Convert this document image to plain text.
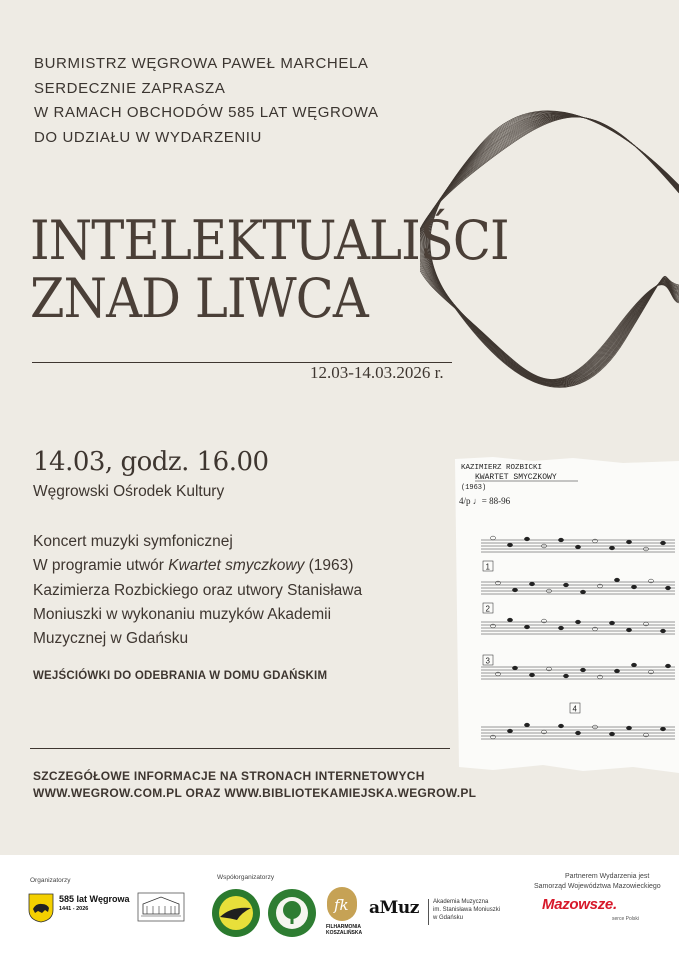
BURMISTRZ WĘGROWA PAWEŁ MARCHELA
SERDECZNIE ZAPRASZA
W RAMACH OBCHODÓW 585 LAT WĘGROWA
DO UDZIAŁU W WYDARZENIU
INTELEKTUALIŚCI
ZNAD LIWCA
12.03-14.03.2026 r.
14.03, godz. 16.00
Węgrowski Ośrodek Kultury
Koncert muzyki symfonicznej
W programie utwór Kwartet smyczkowy (1963)
Kazimierza Rozbickiego oraz utwory Stanisława
Moniuszki w wykonaniu muzyków Akademii
Muzycznej w Gdańsku
WEJŚCIÓWKI DO ODEBRANIA W DOMU GDAŃSKIM
SZCZEGÓŁOWE INFORMACJE NA STRONACH INTERNETOWYCH
WWW.WEGROW.COM.PL ORAZ WWW.BIBLIOTEKAMIEJSKA.WEGROW.PL
KAZIMIERZ ROZBICKI
KWARTET SMYCZKOWY
(1963)
4/p ♩= 88-96
1
2
3
4
Organizatorzy
585 lat Węgrowa
1441 - 2026
Współorganizatorzy
fk
FILHARMONIA
KOSZALIŃSKA
aMuz Akademia Muzyczna
im. Stanisława Moniuszki
w Gdańsku
Partnerem Wydarzenia jest
Samorząd Województwa Mazowieckiego
Mazowsze.
serce Polski
